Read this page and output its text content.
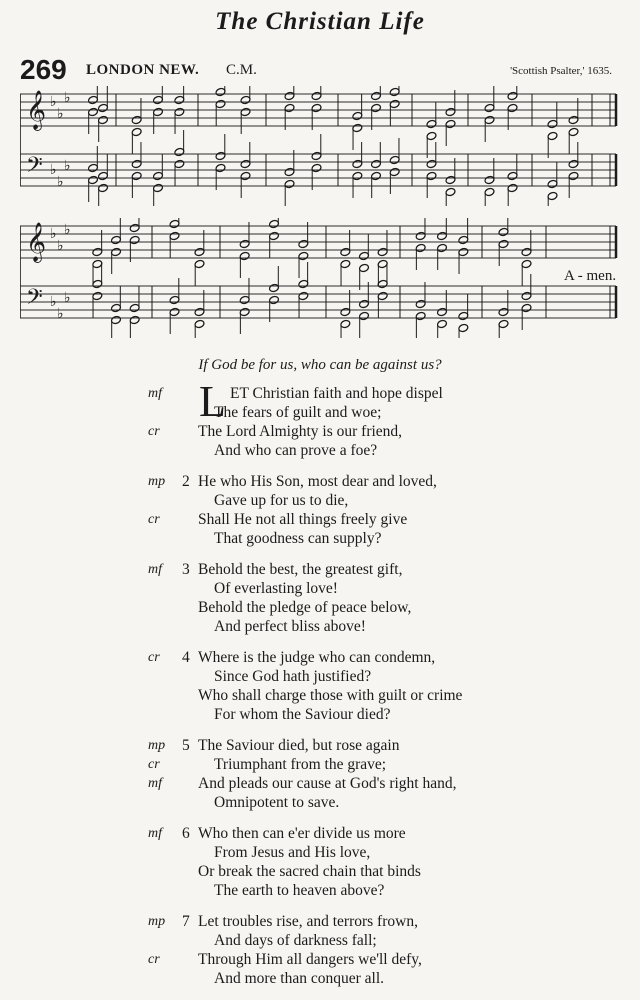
The Christian Life
269 LONDON NEW. C.M.	'Scottish Psalter,' 1635.
𝄞 ♭
♭
♭
𝄢 ♭
♭
♭
𝄞 ♭
♭
♭
𝄢 ♭
♭
♭
A - men.
If God be for us, who can be against us?
mf L ET Christian faith and hope dispel
The fears of guilt and woe;
cr The Lord Almighty is our friend,
And who can prove a foe?
mp 2 He who His Son, most dear and loved,
Gave up for us to die,
cr Shall He not all things freely give
That goodness can supply?
mf 3 Behold the best, the greatest gift,
Of everlasting love!
Behold the pledge of peace below,
And perfect bliss above!
cr 4 Where is the judge who can condemn,
Since God hath justified?
Who shall charge those with guilt or crime
For whom the Saviour died?
mp 5 The Saviour died, but rose again
cr	Triumphant from the grave;
mf And pleads our cause at God's right hand,
Omnipotent to save.
mf 6 Who then can e'er divide us more
From Jesus and His love,
Or break the sacred chain that binds
The earth to heaven above?
mp 7 Let troubles rise, and terrors frown,
And days of darkness fall;
cr Through Him all dangers we'll defy,
And more than conquer all.
